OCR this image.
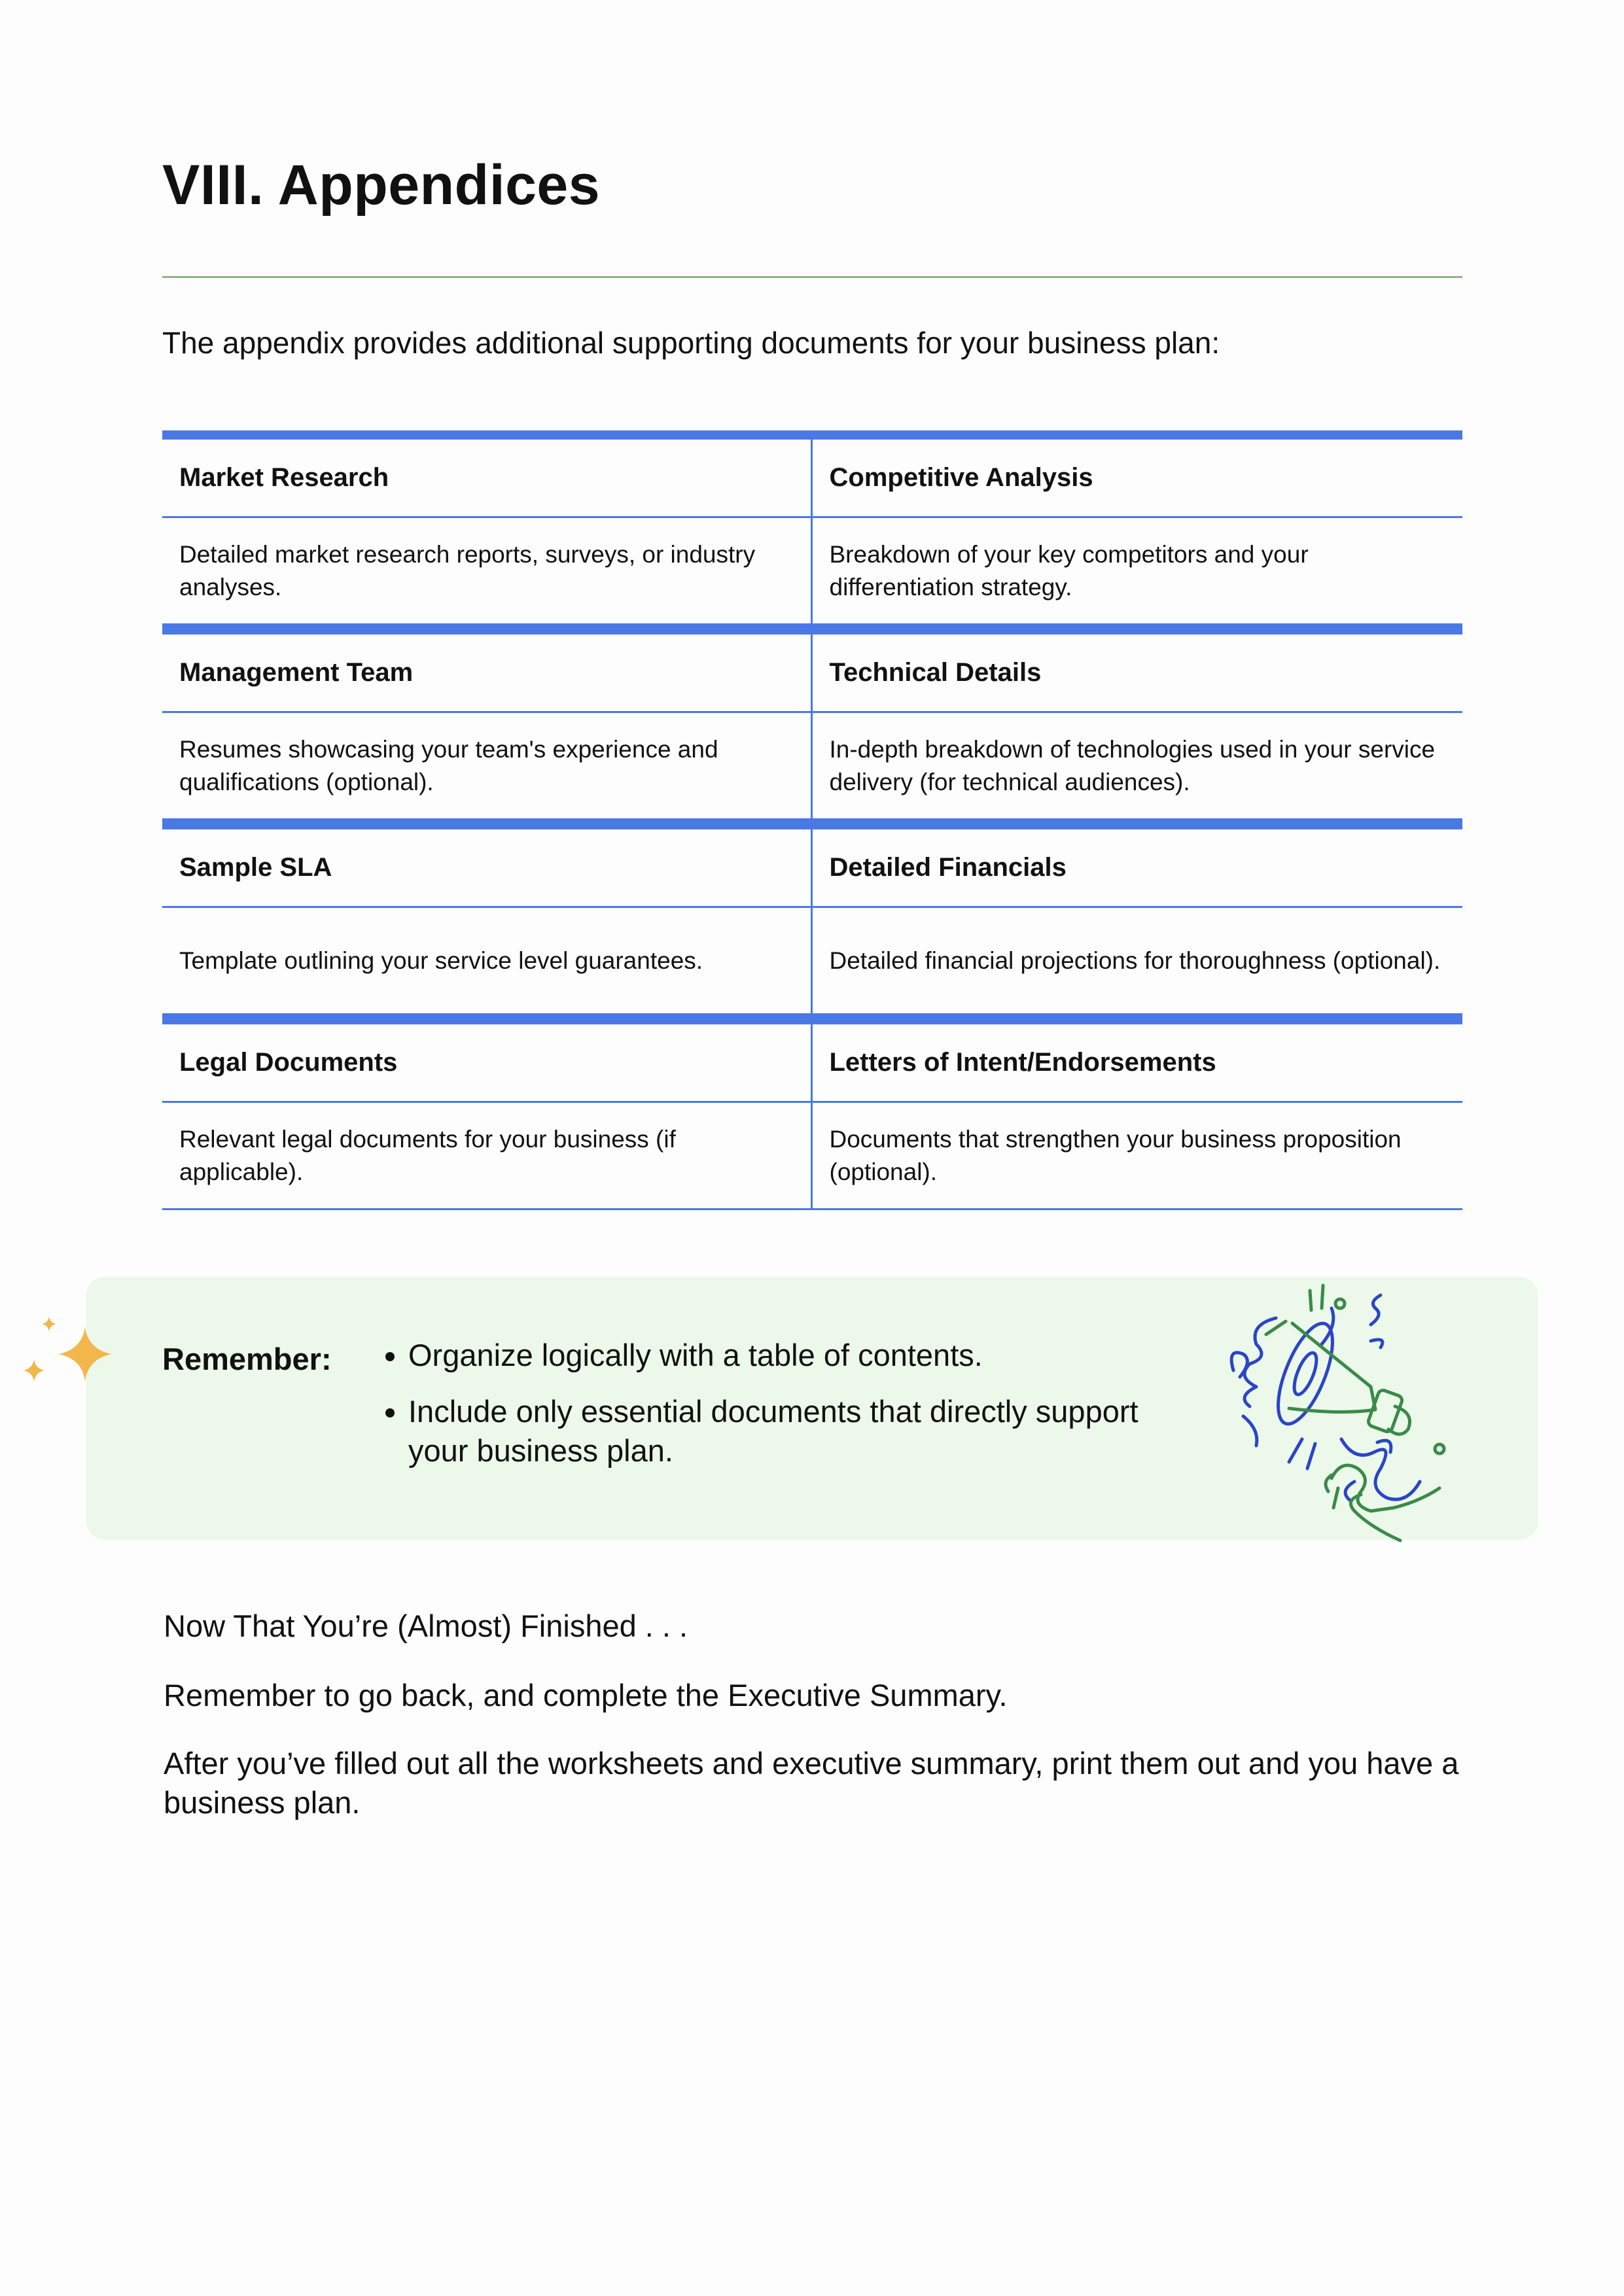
VIII. Appendices
The appendix provides additional supporting documents for your business plan:
Market Research	Competitive Analysis
Detailed market research reports, surveys, or industry analyses.
Breakdown of your key competitors and your differentiation strategy.
Management Team	Technical Details
Resumes showcasing your team's experience and qualifications (optional).
In-depth breakdown of technologies used in your service delivery (for technical audiences).
Sample SLA	Detailed Financials
Template outlining your service level guarantees.	Detailed financial projections for thoroughness (optional).
Legal Documents	Letters of Intent/Endorsements
Relevant legal documents for your business (if applicable).
Documents that strengthen your business proposition (optional).
Remember:
• Organize logically with a table of contents.
• Include only essential documents that directly support your business plan.

Now That You’re (Almost) Finished . . .

Remember to go back, and complete the Executive Summary.

After you’ve filled out all the worksheets and executive summary, print them out and you have a business plan.
